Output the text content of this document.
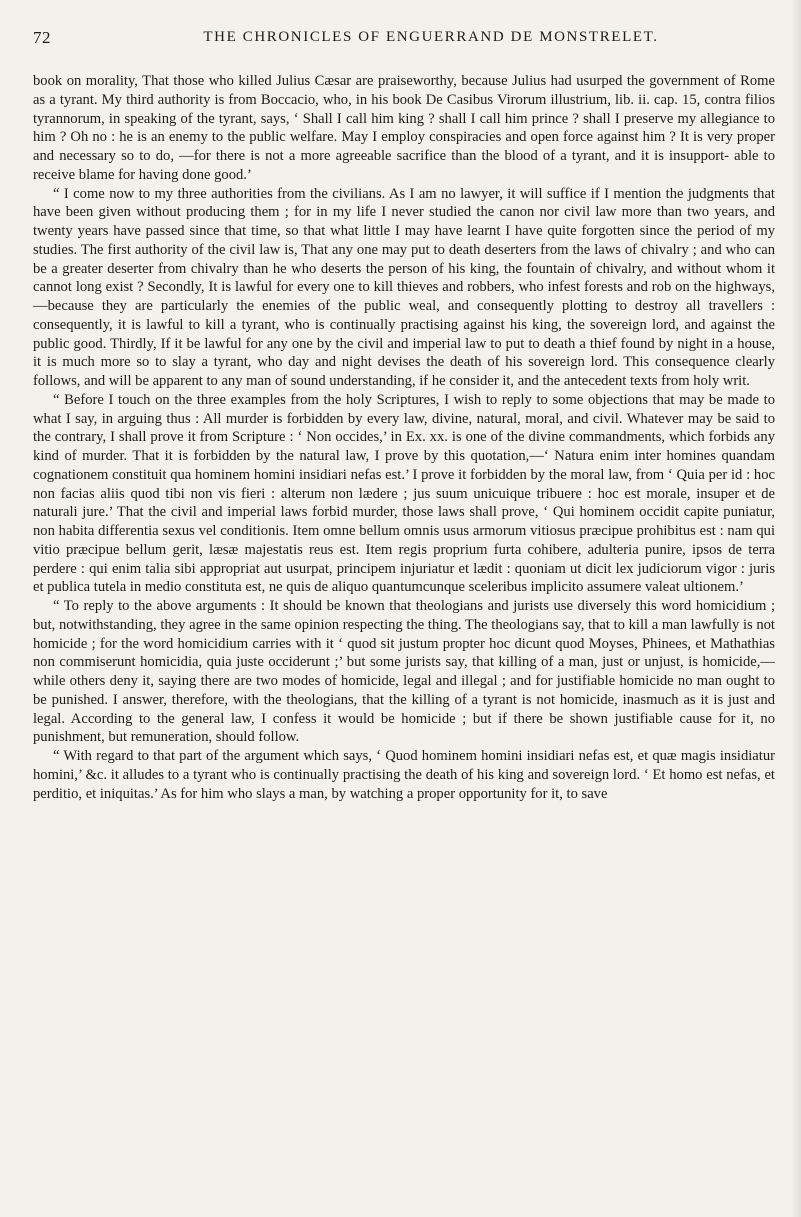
72	THE CHRONICLES OF ENGUERRAND DE MONSTRELET.

book on morality, That those who killed Julius Cæsar are praiseworthy, because Julius had usurped the government of Rome as a tyrant. My third authority is from Boccacio, who, in his book De Casibus Virorum illustrium, lib. ii. cap. 15, contra filios tyrannorum, in speaking of the tyrant, says, ‘ Shall I call him king ? shall I call him prince ? shall I preserve my allegiance to him ? Oh no : he is an enemy to the public welfare. May I employ conspiracies and open force against him ? It is very proper and necessary so to do, —for there is not a more agreeable sacrifice than the blood of a tyrant, and it is insupport- able to receive blame for having done good.’

“ I come now to my three authorities from the civilians. As I am no lawyer, it will suffice if I mention the judgments that have been given without producing them ; for in my life I never studied the canon nor civil law more than two years, and twenty years have passed since that time, so that what little I may have learnt I have quite forgotten since the period of my studies. The first authority of the civil law is, That any one may put to death deserters from the laws of chivalry ; and who can be a greater deserter from chivalry than he who deserts the person of his king, the fountain of chivalry, and without whom it cannot long exist ? Secondly, It is lawful for every one to kill thieves and robbers, who infest forests and rob on the highways,—because they are particularly the enemies of the public weal, and consequently plotting to destroy all travellers : consequently, it is lawful to kill a tyrant, who is continually practising against his king, the sovereign lord, and against the public good. Thirdly, If it be lawful for any one by the civil and imperial law to put to death a thief found by night in a house, it is much more so to slay a tyrant, who day and night devises the death of his sovereign lord. This consequence clearly follows, and will be apparent to any man of sound understanding, if he consider it, and the antecedent texts from holy writ.

“ Before I touch on the three examples from the holy Scriptures, I wish to reply to some objections that may be made to what I say, in arguing thus : All murder is forbidden by every law, divine, natural, moral, and civil. Whatever may be said to the contrary, I shall prove it from Scripture : ‘ Non occides,’ in Ex. xx. is one of the divine commandments, which forbids any kind of murder. That it is forbidden by the natural law, I prove by this quotation,—‘ Natura enim inter homines quandam cognationem constituit qua hominem homini insidiari nefas est.’ I prove it forbidden by the moral law, from ‘ Quia per id : hoc non facias aliis quod tibi non vis fieri : alterum non lædere ; jus suum unicuique tribuere : hoc est morale, insuper et de naturali jure.’ That the civil and imperial laws forbid murder, those laws shall prove, ‘ Qui hominem occidit capite puniatur, non habita differentia sexus vel conditionis. Item omne bellum omnis usus armorum vitiosus præcipue prohibitus est : nam qui vitio præcipue bellum gerit, læsæ majestatis reus est. Item regis proprium furta cohibere, adulteria punire, ipsos de terra perdere : qui enim talia sibi appropriat aut usurpat, principem injuriatur et lædit : quoniam ut dicit lex judiciorum vigor : juris et publica tutela in medio constituta est, ne quis de aliquo quantumcunque sceleribus implicito assumere valeat ultionem.’

“ To reply to the above arguments : It should be known that theologians and jurists use diversely this word homicidium ; but, notwithstanding, they agree in the same opinion respecting the thing. The theologians say, that to kill a man lawfully is not homicide ; for the word homicidium carries with it ‘ quod sit justum propter hoc dicunt quod Moyses, Phinees, et Mathathias non commiserunt homicidia, quia juste occiderunt ;’ but some jurists say, that killing of a man, just or unjust, is homicide,—while others deny it, saying there are two modes of homicide, legal and illegal ; and for justifiable homicide no man ought to be punished. I answer, therefore, with the theologians, that the killing of a tyrant is not homicide, inasmuch as it is just and legal. According to the general law, I confess it would be homicide ; but if there be shown justifiable cause for it, no punishment, but remuneration, should follow.

“ With regard to that part of the argument which says, ‘ Quod hominem homini insidiari nefas est, et quæ magis insidiatur homini,’ &c. it alludes to a tyrant who is continually practising the death of his king and sovereign lord. ‘ Et homo est nefas, et perditio, et iniquitas.’ As for him who slays a man, by watching a proper opportunity for it, to save
